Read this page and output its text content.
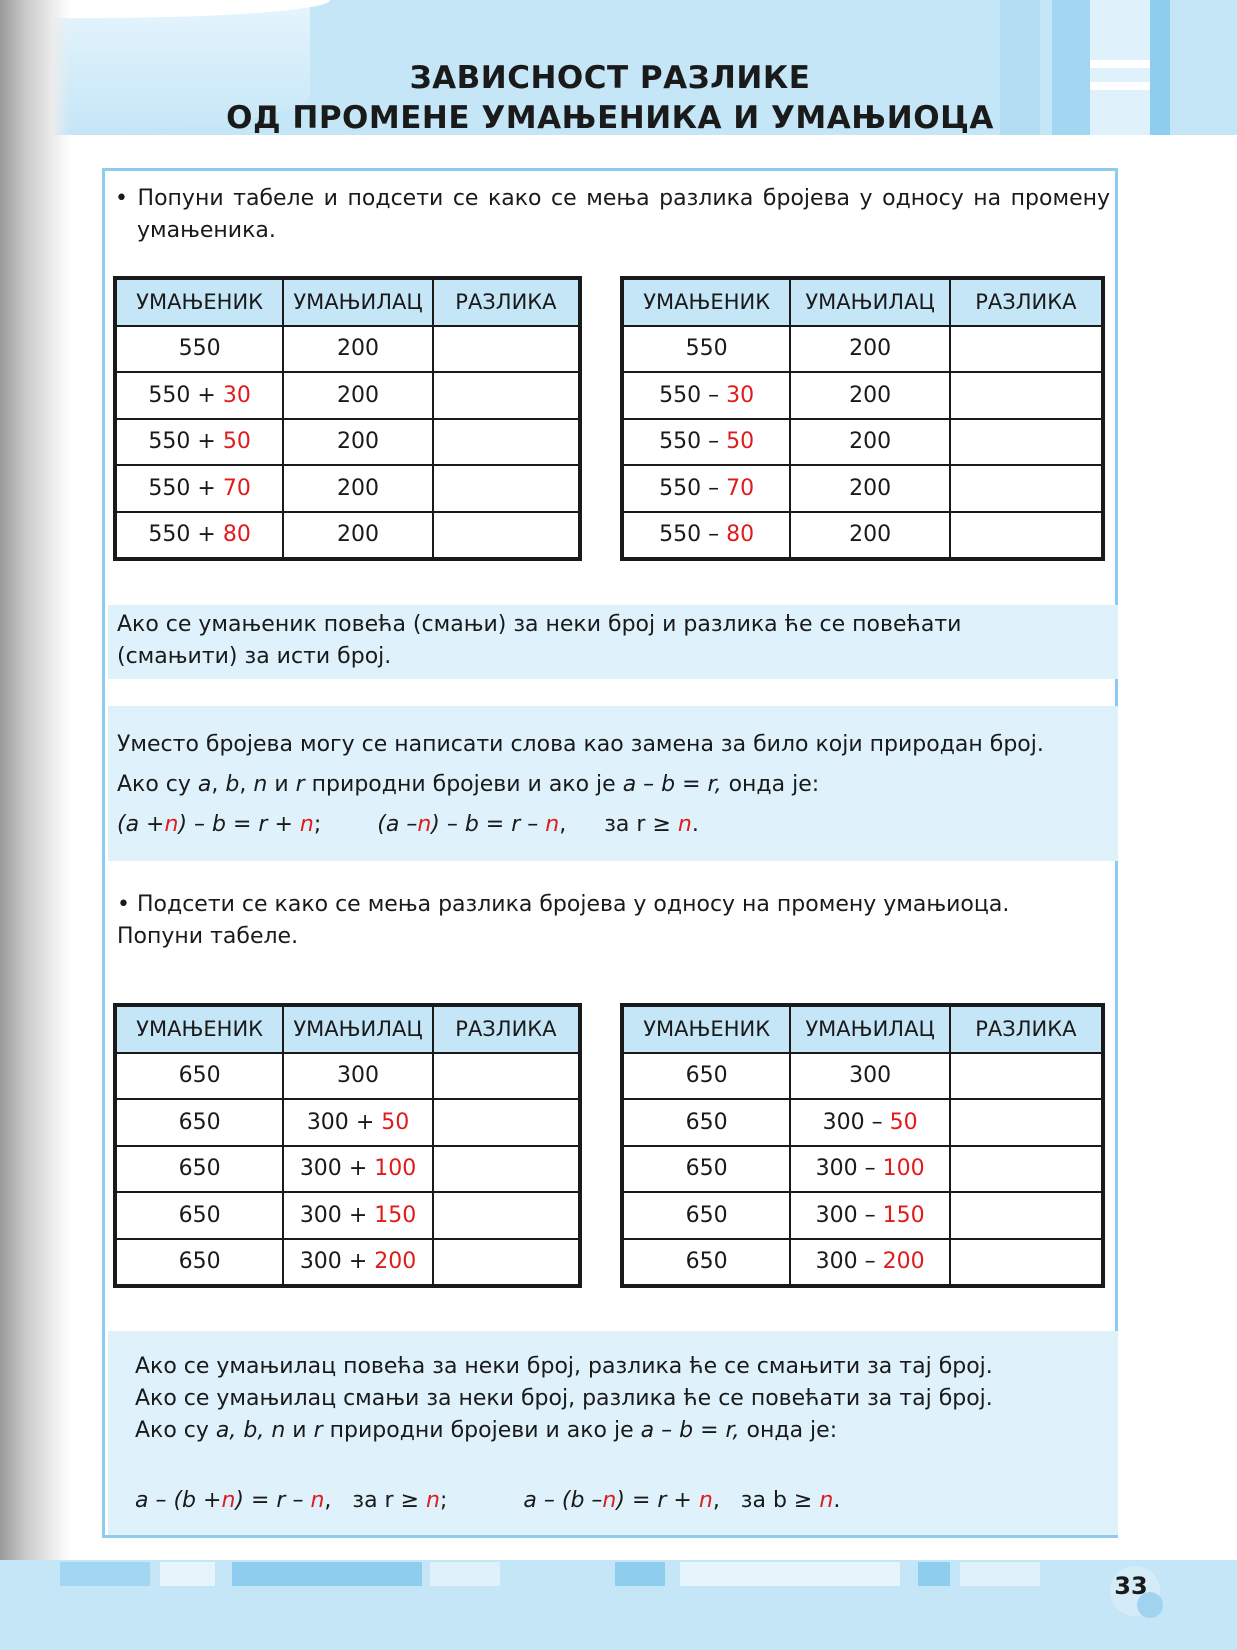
33
ЗАВИСНОСТ РАЗЛИКЕ
ОД ПРОМЕНЕ УМАЊЕНИКА И УМАЊИОЦА
• Попуни табеле и подсети се како се мења разлика бројева у односу на промену
умањеника.
УМАЊЕНИК	УМАЊИЛАЦ	РАЗЛИКА
550	200	
550 + 30	200	
550 + 50	200	
550 + 70	200	
550 + 80	200	
УМАЊЕНИК	УМАЊИЛАЦ	РАЗЛИКА
550	200	
550 – 30	200	
550 – 50	200	
550 – 70	200	
550 – 80	200	
Ако се умањеник повећа (смањи) за неки број и разлика ће се повећати
(смањити) за исти број.
Уместо бројева могу се написати слова као замена за било који природан број.
Ако су a, b, n и r природни бројеви и ако је a – b = r, онда је:
(a +n) – b = r + n;	(a –n) – b = r – n, за r ≥ n.
• Подсети се како се мења разлика бројева у односу на промену умањиоца.
Попуни табеле.
УМАЊЕНИК	УМАЊИЛАЦ	РАЗЛИКА
650	300	
650	300 + 50	
650	300 + 100	
650	300 + 150	
650	300 + 200	
УМАЊЕНИК	УМАЊИЛАЦ	РАЗЛИКА
650	300	
650	300 – 50	
650	300 – 100	
650	300 – 150	
650	300 – 200	
Ако се умањилац повећа за неки број, разлика ће се смањити за тај број.
Ако се умањилац смањи за неки број, разлика ће се повећати за тај број.
Ако су a, b, n и r природни бројеви и ако је a – b = r, онда је:
a – (b +n) = r – n,   за r ≥ n;	a – (b –n) = r + n,   за b ≥ n.
